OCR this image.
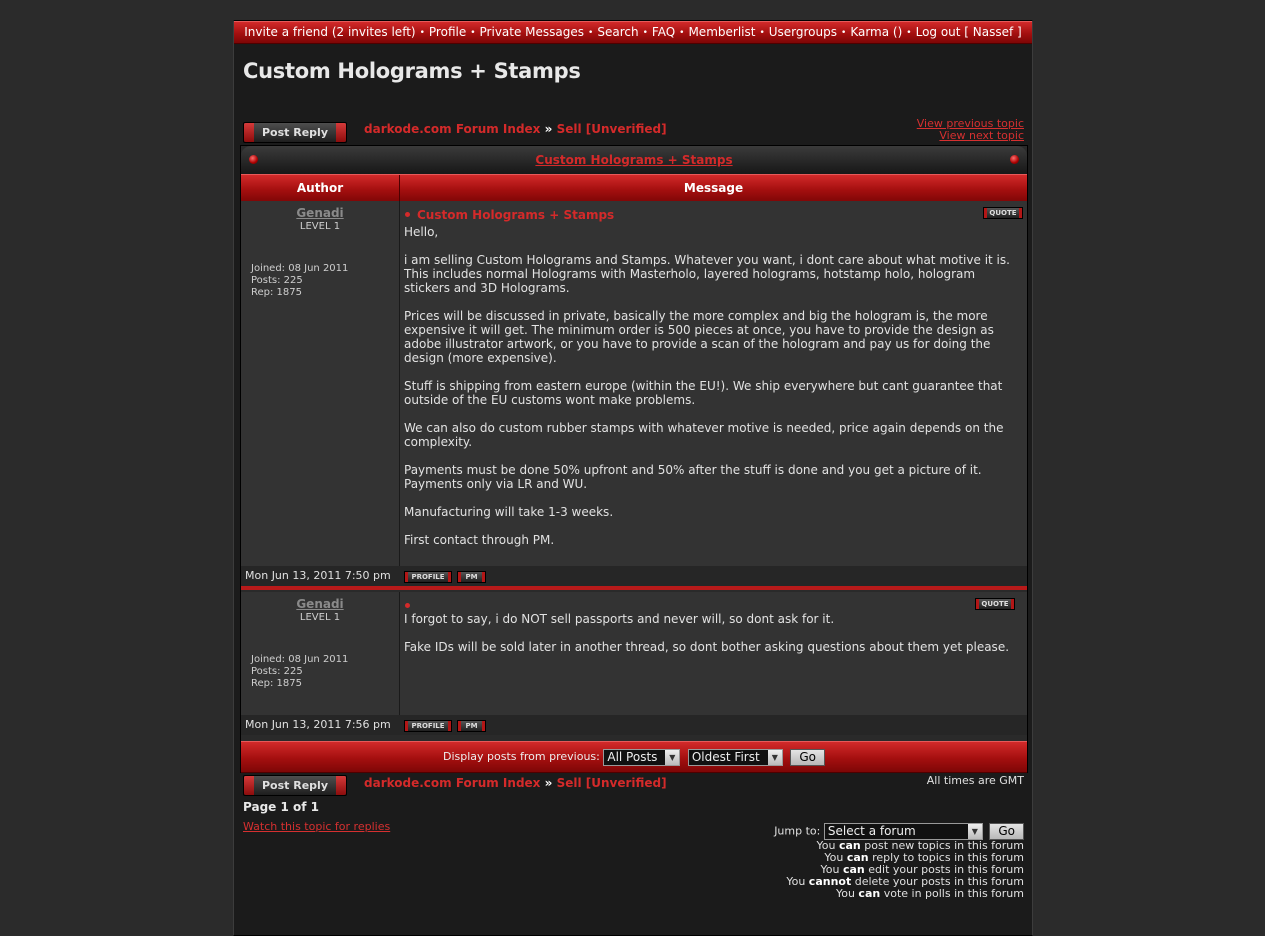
Invite a friend (2 invites left) • Profile • Private Messages • Search • FAQ • Memberlist • Usergroups • Karma () • Log out [ Nassef ]
Custom Holograms + Stamps
Post Reply	darkode.com Forum Index » Sell [Unverified]	View previous topic
View next topic
Custom Holograms + Stamps
Author	Message
Genadi
LEVEL 1
Joined: 08 Jun 2011
Posts: 225
Rep: 1875
Custom Holograms + Stamps	QUOTE

Hello,

i am selling Custom Holograms and Stamps. Whatever you want, i dont care about what motive it is.
This includes normal Holograms with Masterholo, layered holograms, hotstamp holo, hologram stickers and 3D Holograms.

Prices will be discussed in private, basically the more complex and big the hologram is, the more expensive it will get. The minimum order is 500 pieces at once, you have to provide the design as adobe illustrator artwork, or you have to provide a scan of the hologram and pay us for doing the design (more expensive).

Stuff is shipping from eastern europe (within the EU!). We ship everywhere but cant guarantee that outside of the EU customs wont make problems.

We can also do custom rubber stamps with whatever motive is needed, price again depends on the complexity.

Payments must be done 50% upfront and 50% after the stuff is done and you get a picture of it.
Payments only via LR and WU.

Manufacturing will take 1-3 weeks.

First contact through PM.

Mon Jun 13, 2011 7:50 pm	PROFILE	PM
Genadi
LEVEL 1
Joined: 08 Jun 2011
Posts: 225
Rep: 1875
QUOTE

I forgot to say, i do NOT sell passports and never will, so dont ask for it.

Fake IDs will be sold later in another thread, so dont bother asking questions about them yet please.

Mon Jun 13, 2011 7:56 pm	PROFILE	PM
Display posts from previous: All Posts	▼	Oldest First	▼	Go
Post Reply	darkode.com Forum Index » Sell [Unverified]	All times are GMT
Page 1 of 1
Watch this topic for replies	Jump to: Select a forum	▼	Go
You can post new topics in this forum
You can reply to topics in this forum
You can edit your posts in this forum
You cannot delete your posts in this forum
You can vote in polls in this forum
